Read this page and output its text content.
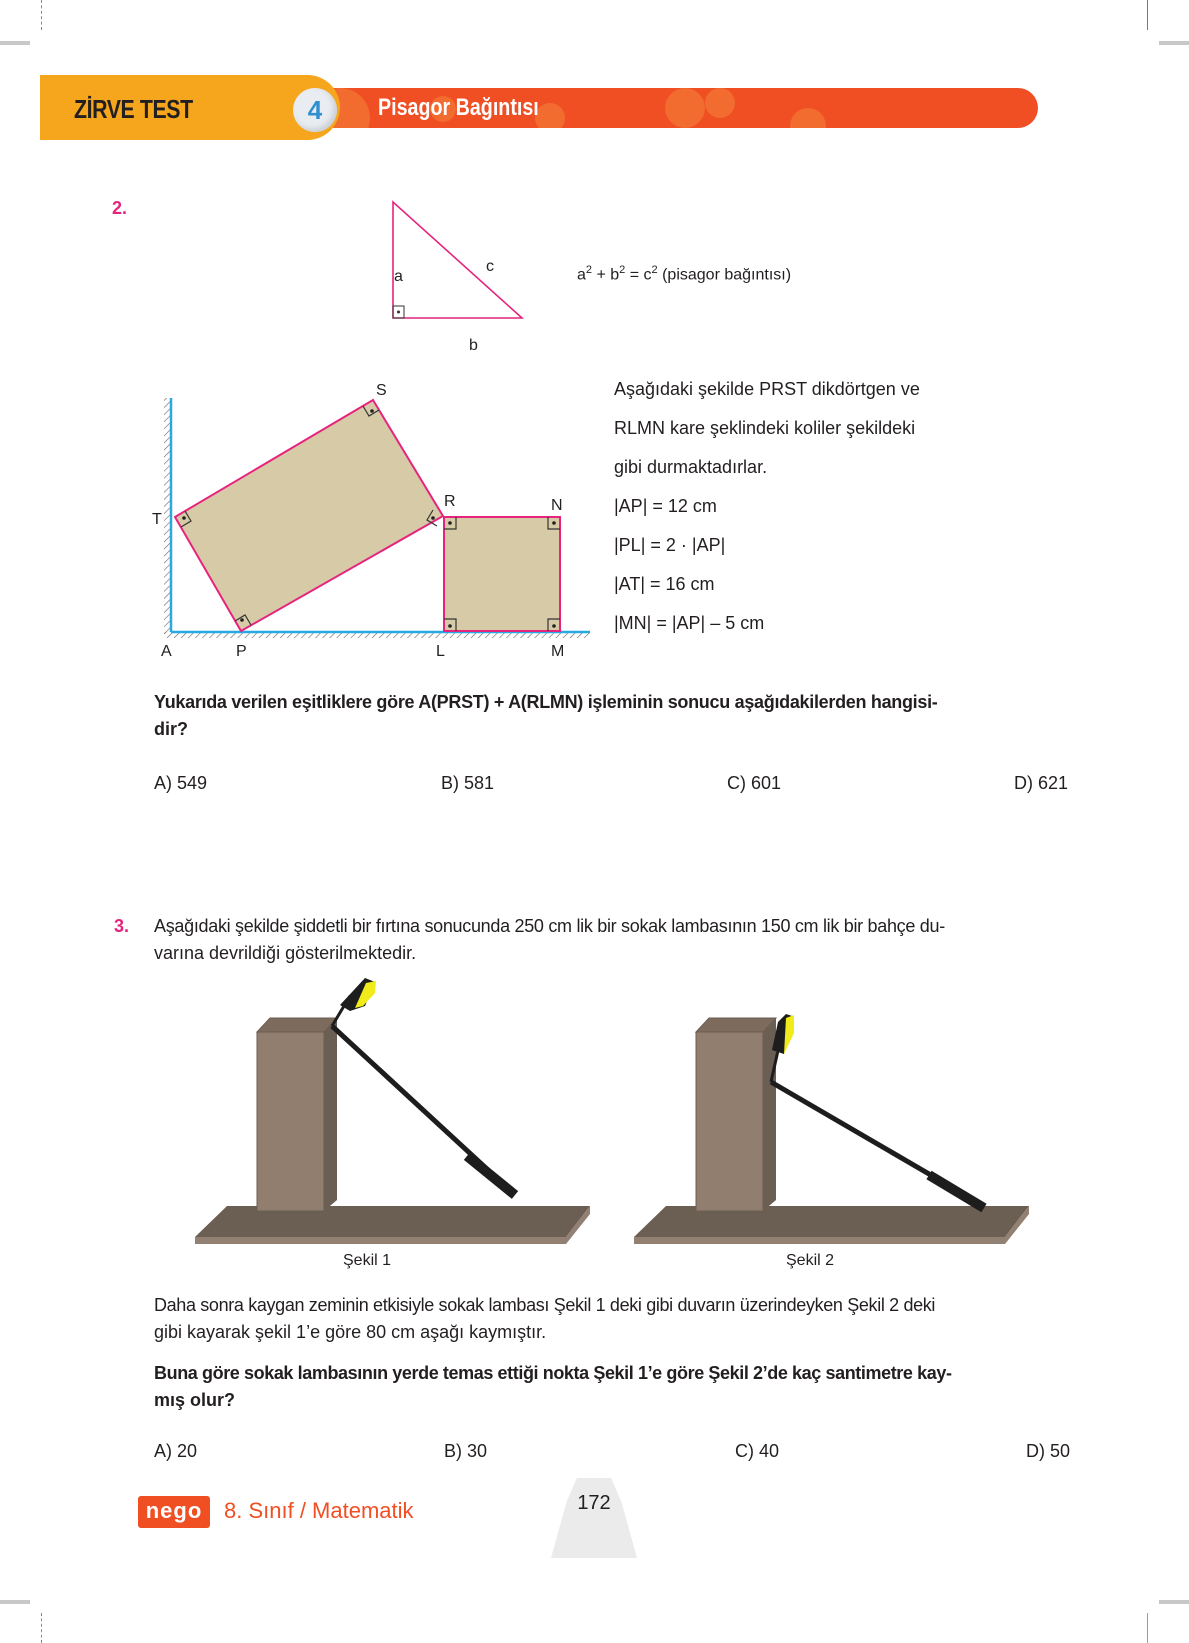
ZİRVE TEST	4	Pisagor Bağıntısı
2.
a
c
b
$a^2 + b^2 = c^2$ (pisagor bağıntısı)
S
T
R	N
A	P	L	M
Aşağıdaki şekilde PRST dikdörtgen ve
RLMN kare şeklindeki koliler şekildeki
gibi durmaktadırlar.
|AP| = 12 cm
|PL| = 2 · |AP|
|AT| = 16 cm
|MN| = |AP| – 5 cm
Yukarıda verilen eşitliklere göre A(PRST) + A(RLMN) işleminin sonucu aşağıdakilerden hangisi-
dir?
A) 549	B) 581	C) 601	D) 621
3. Aşağıdaki şekilde şiddetli bir fırtına sonucunda 250 cm lik bir sokak lambasının 150 cm lik bir bahçe du-
varına devrildiği gösterilmektedir.
Şekil 1	Şekil 2
Daha sonra kaygan zeminin etkisiyle sokak lambası Şekil 1 deki gibi duvarın üzerindeyken Şekil 2 deki
gibi kayarak şekil 1’e göre 80 cm aşağı kaymıştır.
Buna göre sokak lambasının yerde temas ettiği nokta Şekil 1’e göre Şekil 2’de kaç santimetre kay-
mış olur?
A) 20	B) 30	C) 40	D) 50
nego 8. Sınıf / Matematik	172
